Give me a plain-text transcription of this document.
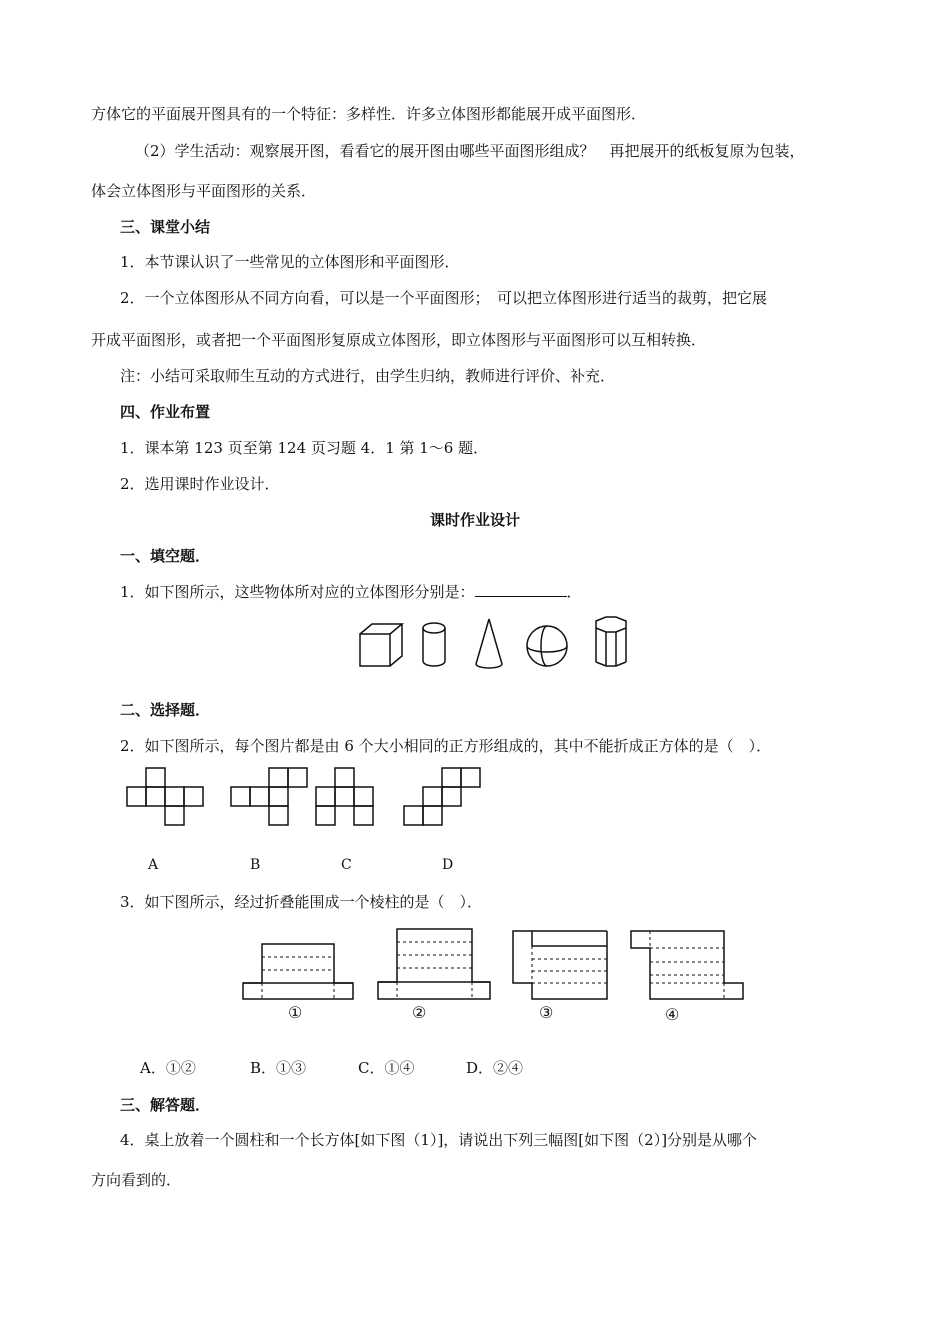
方体它的平面展开图具有的一个特征：多样性．许多立体图形都能展开成平面图形．
（2）学生活动：观察展开图，看看它的展开图由哪些平面图形组成？　再把展开的纸板复原为包装，
体会立体图形与平面图形的关系．
三、课堂小结
1．本节课认识了一些常见的立体图形和平面图形．
2．一个立体图形从不同方向看，可以是一个平面图形；　可以把立体图形进行适当的裁剪，把它展
开成平面图形，或者把一个平面图形复原成立体图形，即立体图形与平面图形可以互相转换．
注：小结可采取师生互动的方式进行，由学生归纳，教师进行评价、补充．
四、作业布置
1．课本第 123 页至第 124 页习题 4．1 第 1～6 题．
2．选用课时作业设计．
课时作业设计
一、填空题．
1．如下图所示，这些物体所对应的立体图形分别是：	．
二、选择题．
2．如下图所示，每个图片都是由 6 个大小相同的正方形组成的，其中不能折成正方体的是（　）．
A	B	C	D
3．如下图所示，经过折叠能围成一个棱柱的是（　）．
①	②	③	④
A．①②	B．①③	C．①④	D．②④
三、解答题．
4．桌上放着一个圆柱和一个长方体[如下图（1）]，请说出下列三幅图[如下图（2）]分别是从哪个
方向看到的．
